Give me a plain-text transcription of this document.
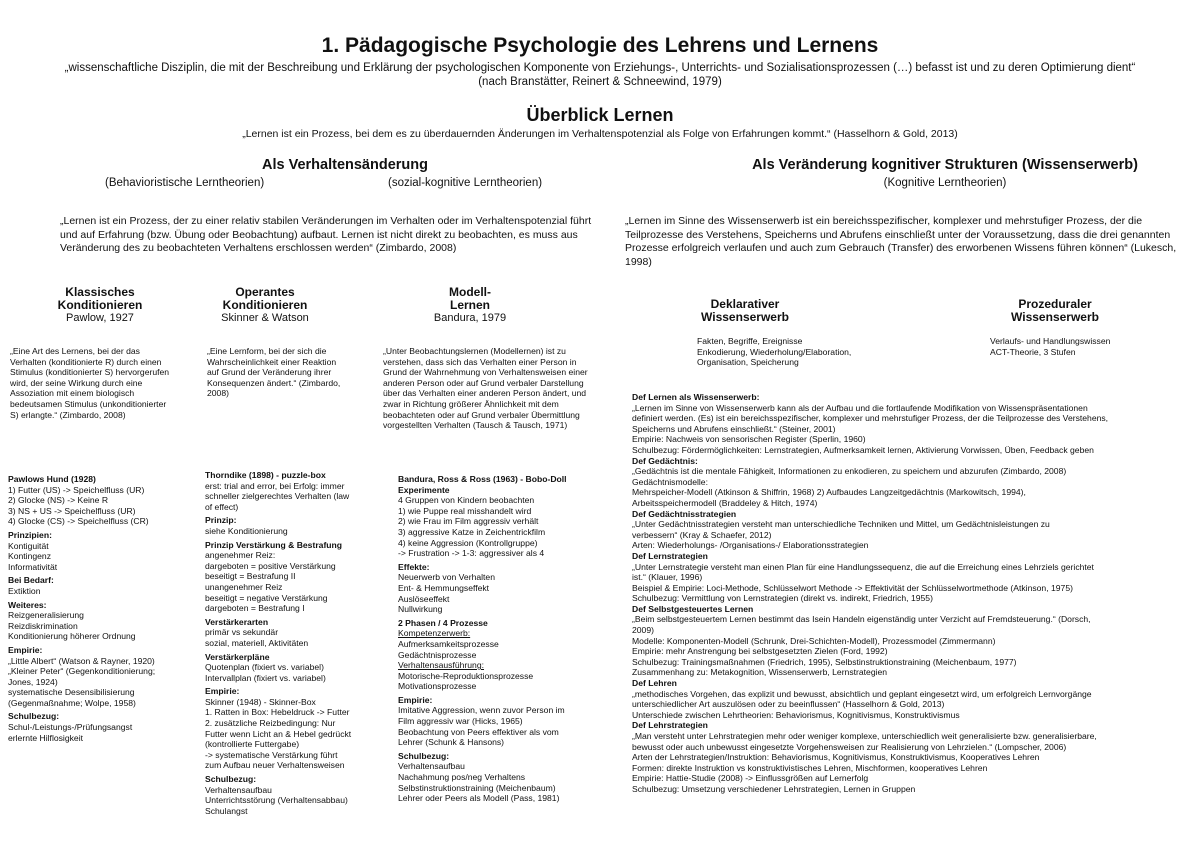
1. Pädagogische Psychologie des Lehrens und Lernens
„wissenschaftliche Disziplin, die mit der Beschreibung und Erklärung der psychologischen Komponente von Erziehungs-, Unterrichts- und Sozialisationsprozessen (…) befasst ist und zu deren Optimierung dient“ (nach Branstätter, Reinert & Schneewind, 1979)
Überblick Lernen
„Lernen ist ein Prozess, bei dem es zu überdauernden Änderungen im Verhaltenspotenzial als Folge von Erfahrungen kommt.“ (Hasselhorn & Gold, 2013)
Als Verhaltensänderung
(Behavioristische Lerntheorien)	(sozial-kognitive Lerntheorien)
„Lernen ist ein Prozess, der zu einer relativ stabilen Veränderungen im Verhalten oder im Verhaltenspotenzial führt und auf Erfahrung (bzw. Übung oder Beobachtung) aufbaut. Lernen ist nicht direkt zu beobachten, es muss aus Veränderung des zu beobachteten Verhaltens erschlossen werden“ (Zimbardo, 2008)
Als Veränderung kognitiver Strukturen (Wissenserwerb)
(Kognitive Lerntheorien)
„Lernen im Sinne des Wissenserwerb ist ein bereichsspezifischer, komplexer und mehrstufiger Prozess, der die Teilprozesse des Verstehens, Speicherns und Abrufens einschließt unter der Voraussetzung, dass die drei genannten Prozesse erfolgreich verlaufen und auch zum Gebrauch (Transfer) des erworbenen Wissens führen können“ (Lukesch, 1998)
Klassisches
Konditionieren
Pawlow, 1927
„Eine Art des Lernens, bei der das Verhalten (konditionierte R) durch einen Stimulus (konditionierter S) hervorgerufen wird, der seine Wirkung durch eine Assoziation mit einem biologisch bedeutsamen Stimulus (unkonditionierter S) erlangte.“ (Zimbardo, 2008)
Pawlows Hund (1928)
1) Futter (US) -> Speichelfluss (UR)
2) Glocke (NS) -> Keine R
3) NS + US -> Speichelfluss (UR)
4) Glocke (CS) -> Speichelfluss (CR)
Prinzipien:
Kontiguität
Kontingenz
Informativität
Bei Bedarf:
Extiktion
Weiteres:
Reizgeneralisierung
Reizdiskrimination
Konditionierung höherer Ordnung
Empirie:
„Little Albert“ (Watson & Rayner, 1920)
„Kleiner Peter“ (Gegenkonditionierung;
Jones, 1924)
systematische Desensibilisierung
(Gegenmaßnahme; Wolpe, 1958)
Schulbezug:
Schul-/Leistungs-/Prüfungsangst
erlernte Hilflosigkeit
Operantes
Konditionieren
Skinner & Watson
„Eine Lernform, bei der sich die Wahrscheinlichkeit einer Reaktion auf Grund der Veränderung ihrer Konsequenzen ändert.“ (Zimbardo, 2008)
Thorndike (1898) - puzzle-box
erst: trial and error, bei Erfolg: immer
schneller zielgerechtes Verhalten (law
of effect)
Prinzip:
siehe Konditionierung
Prinzip Verstärkung & Bestrafung
angenehmer Reiz:
dargeboten = positive Verstärkung
beseitigt = Bestrafung II
unangenehmer Reiz
beseitigt = negative Verstärkung
dargeboten = Bestrafung I
Verstärkerarten
primär vs sekundär
sozial, materiell, Aktivitäten
Verstärkerpläne
Quotenplan (fixiert vs. variabel)
Intervallplan (fixiert vs. variabel)
Empirie:
Skinner (1948) - Skinner-Box
1. Ratten in Box: Hebeldruck -> Futter
2. zusätzliche Reizbedingung: Nur
Futter wenn Licht an & Hebel gedrückt
(kontrollierte Futtergabe)
-> systematische Verstärkung führt
zum Aufbau neuer Verhaltensweisen
Schulbezug:
Verhaltensaufbau
Unterrichtsstörung (Verhaltensabbau)
Schulangst
Modell-
Lernen
Bandura, 1979
„Unter Beobachtungslernen (Modellernen) ist zu verstehen, dass sich das Verhalten einer Person in Grund der Wahrnehmung von Verhaltensweisen einer anderen Person oder auf Grund verbaler Darstellung über das Verhalten einer anderen Person ändert, und zwar in Richtung größerer Ähnlichkeit mit dem beobachteten oder auf Grund verbaler Übermittlung vorgestellten Verhalten (Tausch & Tausch, 1971)
Bandura, Ross & Ross (1963) - Bobo-Doll
Experimente
4 Gruppen von Kindern beobachten
1) wie Puppe real misshandelt wird
2) wie Frau im Film aggressiv verhält
3) aggressive Katze in Zeichentrickfilm
4) keine Aggression (Kontrollgruppe)
-> Frustration -> 1-3: aggressiver als 4
Effekte:
Neuerwerb von Verhalten
Ent- & Hemmungseffekt
Auslöseeffekt
Nullwirkung
2 Phasen / 4 Prozesse
Kompetenzerwerb:
Aufmerksamkeitsprozesse
Gedächtnisprozesse
Verhaltensausführung:
Motorische-Reproduktionsprozesse
Motivationsprozesse
Empirie:
Imitative Aggression, wenn zuvor Person im
Film aggressiv war (Hicks, 1965)
Beobachtung von Peers effektiver als vom
Lehrer (Schunk & Hansons)
Schulbezug:
Verhaltensaufbau
Nachahmung pos/neg Verhaltens
Selbstinstruktionstraining (Meichenbaum)
Lehrer oder Peers als Modell (Pass, 1981)
Deklarativer
Wissenserwerb
Fakten, Begriffe, Ereignisse
Enkodierung, Wiederholung/Elaboration,
Organisation, Speicherung
Prozeduraler
Wissenserwerb
Verlaufs- und Handlungswissen
ACT-Theorie, 3 Stufen
Def Lernen als Wissenserwerb:
„Lernen im Sinne von Wissenserwerb kann als der Aufbau und die fortlaufende Modifikation von Wissenspräsentationen
definiert werden. (Es) ist ein bereichsspezifischer, komplexer und mehrstufiger Prozess, der die Teilprozesse des Verstehens,
Speicherns und Abrufens einschließt.“ (Steiner, 2001)
Empirie: Nachweis von sensorischen Register (Sperlin, 1960)
Schulbezug: Fördermöglichkeiten: Lernstrategien, Aufmerksamkeit lernen, Aktivierung Vorwissen, Üben, Feedback geben
Def Gedächtnis:
„Gedächtnis ist die mentale Fähigkeit, Informationen zu enkodieren, zu speichern und abzurufen (Zimbardo, 2008)
Gedächtnismodelle:
Mehrspeicher-Modell (Atkinson & Shiffrin, 1968) 2) Aufbaudes Langzeitgedächtnis (Markowitsch, 1994),
Arbeitsspeichermodell (Braddeley & Hitch, 1974)
Def Gedächtnisstrategien
„Unter Gedächtnisstrategien versteht man unterschiedliche Techniken und Mittel, um Gedächtnisleistungen zu
verbessern“ (Kray & Schaefer, 2012)
Arten: Wiederholungs- /Organisations-/ Elaborationsstrategien
Def Lernstrategien
„Unter Lernstrategie versteht man einen Plan für eine Handlungssequenz, die auf die Erreichung eines Lehrziels gerichtet
ist.“ (Klauer, 1996)
Beispiel & Empirie: Loci-Methode, Schlüsselwort Methode -> Effektivität der Schlüsselwortmethode (Atkinson, 1975)
Schulbezug: Vermittlung von Lernstrategien (direkt vs. indirekt, Friedrich, 1955)
Def Selbstgesteuertes Lernen
„Beim selbstgesteuertem Lernen bestimmt das Isein Handeln eigenständig unter Verzicht auf Fremdsteuerung.“ (Dorsch,
2009)
Modelle: Komponenten-Modell (Schrunk, Drei-Schichten-Modell), Prozessmodel (Zimmermann)
Empirie: mehr Anstrengung bei selbstgesetzten Zielen (Ford, 1992)
Schulbezug: Trainingsmaßnahmen (Friedrich, 1995), Selbstinstruktionstraining (Meichenbaum, 1977)
Zusammenhang zu: Metakognition, Wissenserwerb, Lernstrategien
Def Lehren
„methodisches Vorgehen, das explizit und bewusst, absichtlich und geplant eingesetzt wird, um erfolgreich Lernvorgänge
unterschiedlicher Art auszulösen oder zu beeinflussen“ (Hasselhorn & Gold, 2013)
Unterschiede zwischen Lehrtheorien: Behaviorismus, Kognitivismus, Konstruktivismus
Def Lehrstrategien
„Man versteht unter Lehrstrategien mehr oder weniger komplexe, unterschiedlich weit generalisierte bzw. generalisierbare,
bewusst oder auch unbewusst eingesetzte Vorgehensweisen zur Realisierung von Lehrzielen.“ (Lompscher, 2006)
Arten der Lehrstrategien/Instruktion: Behaviorismus, Kognitivismus, Konstruktivismus, Kooperatives Lehren
Formen: direkte Instruktion vs konstruktivistisches Lehren, Mischformen, kooperatives Lehren
Empirie: Hattie-Studie (2008) -> Einflussgrößen auf Lernerfolg
Schulbezug: Umsetzung verschiedener Lehrstrategien, Lernen in Gruppen
